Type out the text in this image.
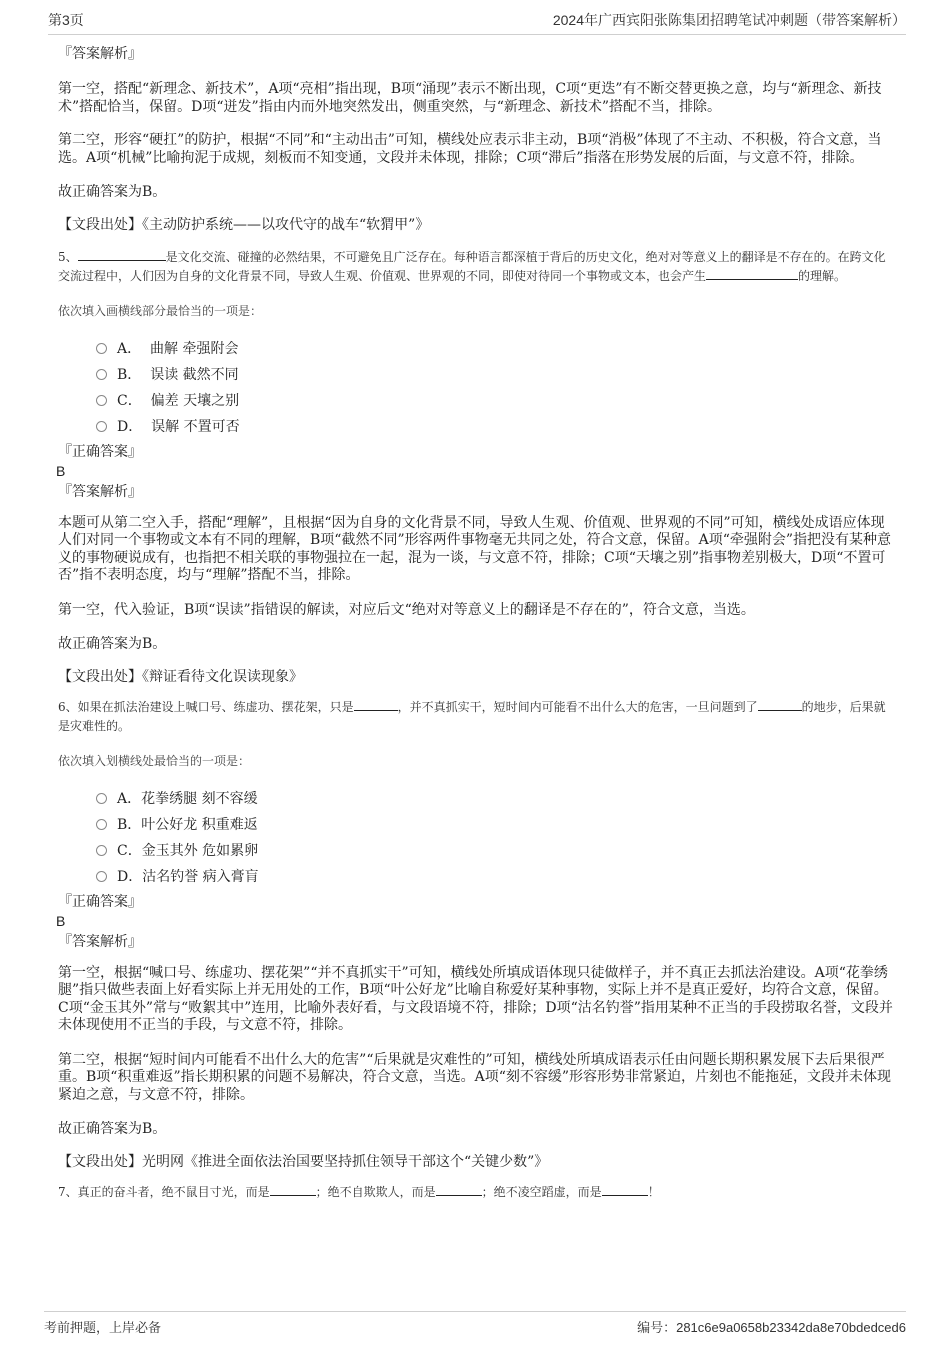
第3页	2024年广西宾阳张陈集团招聘笔试冲刺题（带答案解析）
『答案解析』

第一空，搭配“新理念、新技术”，A项“亮相”指出现，B项“涌现”表示不断出现，C项“更迭”有不断交替更换之意，均与“新理念、新技术”搭配恰当，保留。D项“迸发”指由内而外地突然发出，侧重突然，与“新理念、新技术”搭配不当，排除。

第二空，形容“硬扛”的防护，根据“不同”和“主动出击”可知，横线处应表示非主动，B项“消极”体现了不主动、不积极，符合文意，当选。A项“机械”比喻拘泥于成规，刻板而不知变通，文段并未体现，排除；C项“滞后”指落在形势发展的后面，与文意不符，排除。

故正确答案为B。

【文段出处】《主动防护系统——以攻代守的战车“软猬甲”》
5、	是文化交流、碰撞的必然结果，不可避免且广泛存在。每种语言都深植于背后的历史文化，绝对对等意义上的翻译是不存在的。在跨文化交流过程中，人们因为自身的文化背景不同，导致人生观、价值观、世界观的不同，即使对待同一个事物或文本，也会产生	的理解。
依次填入画横线部分最恰当的一项是：
A．
曲解 牵强附会
B．
误读 截然不同
C．
偏差 天壤之别
D．
误解 不置可否
『正确答案』
B
『答案解析』

本题可从第二空入手，搭配“理解”，且根据“因为自身的文化背景不同，导致人生观、价值观、世界观的不同”可知，横线处成语应体现人们对同一个事物或文本有不同的理解，B项“截然不同”形容两件事物毫无共同之处，符合文意，保留。A项“牵强附会”指把没有某种意义的事物硬说成有，也指把不相关联的事物强拉在一起，混为一谈，与文意不符，排除；C项“天壤之别”指事物差别极大，D项“不置可否”指不表明态度，均与“理解”搭配不当，排除。

第一空，代入验证，B项“误读”指错误的解读，对应后文“绝对对等意义上的翻译是不存在的”，符合文意，当选。

故正确答案为B。

【文段出处】《辩证看待文化误读现象》
6、如果在抓法治建设上喊口号、练虚功、摆花架，只是	，并不真抓实干，短时间内可能看不出什么大的危害，一旦问题到了	的地步，后果就是灾难性的。
依次填入划横线处最恰当的一项是：
A． 花拳绣腿 刻不容缓
B． 叶公好龙 积重难返
C． 金玉其外 危如累卵
D． 沽名钓誉 病入膏肓
『正确答案』
B
『答案解析』

第一空，根据“喊口号、练虚功、摆花架”“并不真抓实干”可知，横线处所填成语体现只徒做样子，并不真正去抓法治建设。A项“花拳绣腿”指只做些表面上好看实际上并无用处的工作，B项“叶公好龙”比喻自称爱好某种事物，实际上并不是真正爱好，均符合文意，保留。C项“金玉其外”常与“败絮其中”连用，比喻外表好看，与文段语境不符，排除；D项“沽名钓誉”指用某种不正当的手段捞取名誉，文段并未体现使用不正当的手段，与文意不符，排除。

第二空，根据“短时间内可能看不出什么大的危害”“后果就是灾难性的”可知，横线处所填成语表示任由问题长期积累发展下去后果很严重。B项“积重难返”指长期积累的问题不易解决，符合文意，当选。A项“刻不容缓”形容形势非常紧迫，片刻也不能拖延，文段并未体现紧迫之意，与文意不符，排除。

故正确答案为B。

【文段出处】光明网《推进全面依法治国要坚持抓住领导干部这个“关键少数”》
7、真正的奋斗者，绝不鼠目寸光，而是	；绝不自欺欺人，而是	；绝不凌空蹈虚，而是	！
考前押题，上岸必备	编号：281c6e9a0658b23342da8e70bdedced6
